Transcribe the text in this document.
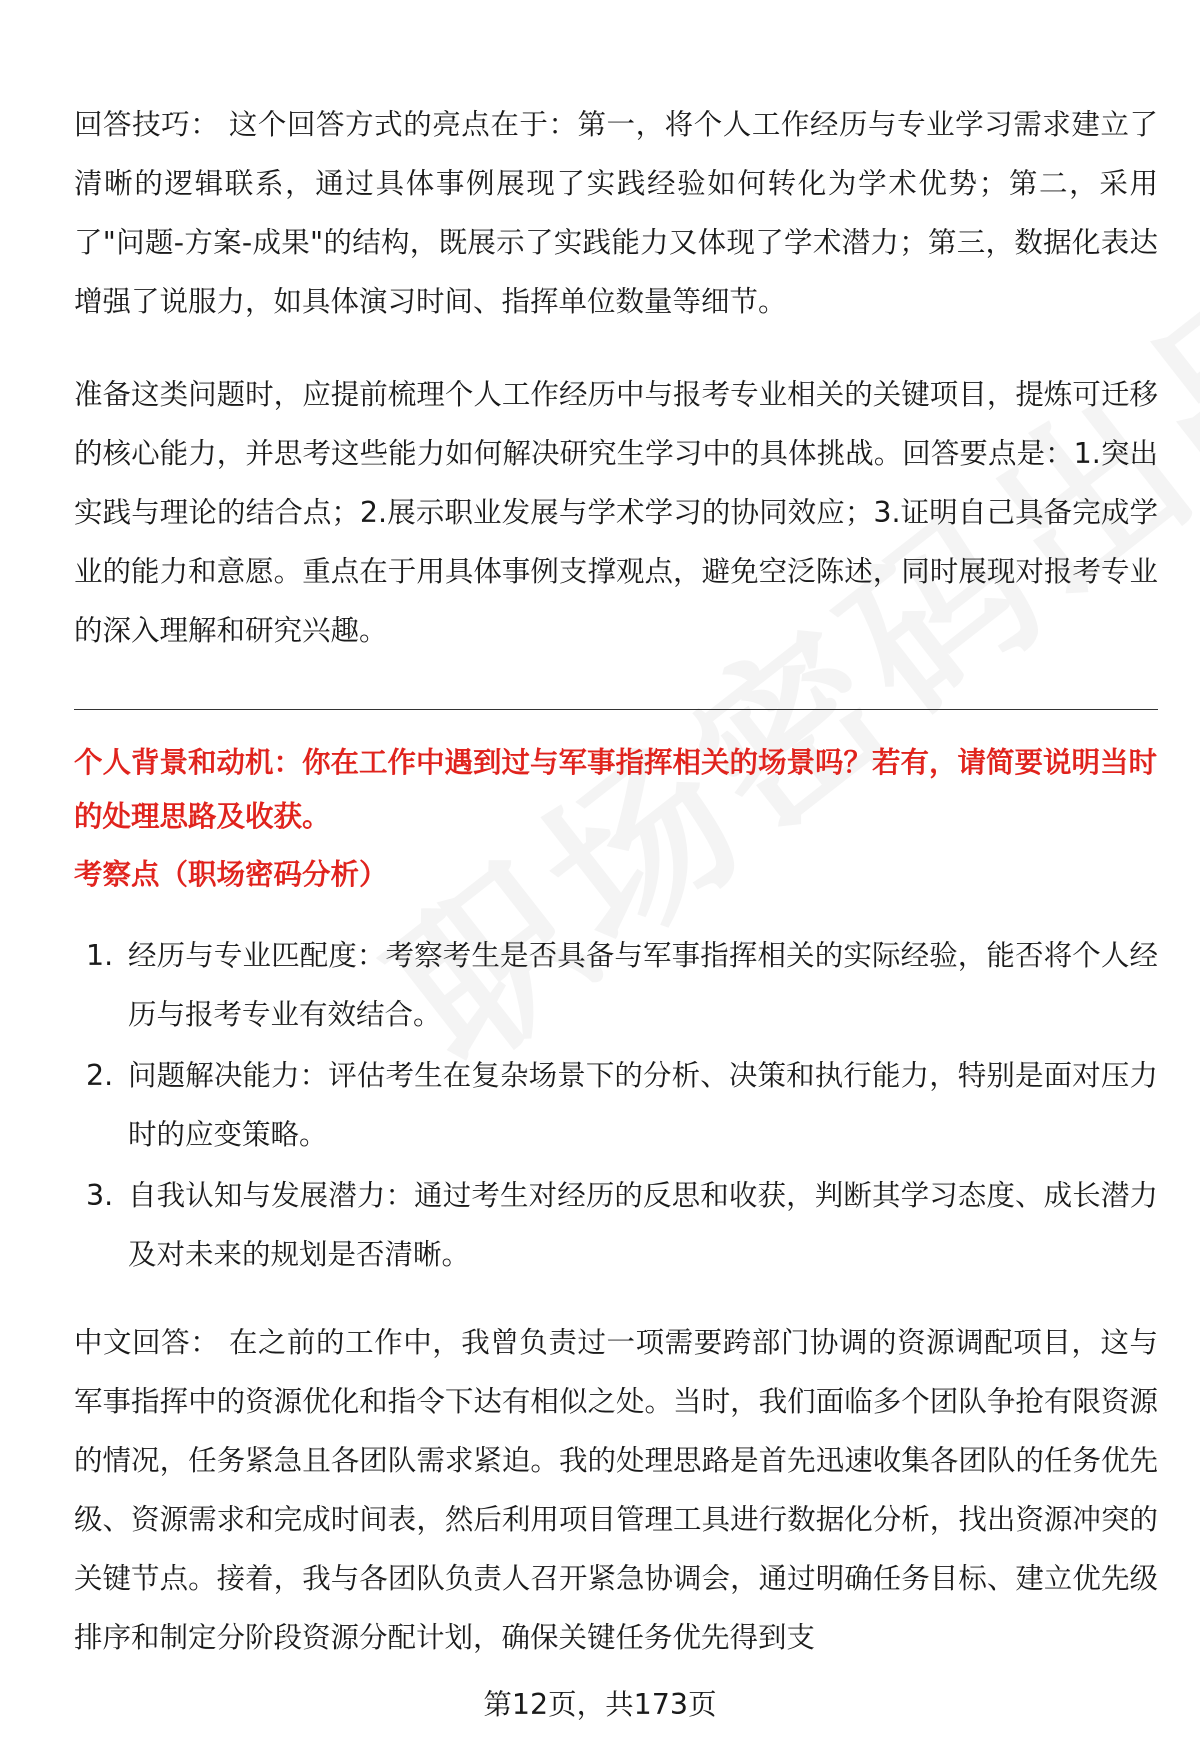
回答技巧： 这个回答方式的亮点在于：第一，将个人工作经历与专业学习需求建立了清晰的逻辑联系，通过具体事例展现了实践经验如何转化为学术优势；第二，采用了"问题-方案-成果"的结构，既展示了实践能力又体现了学术潜力；第三，数据化表达增强了说服力，如具体演习时间、指挥单位数量等细节。

准备这类问题时，应提前梳理个人工作经历中与报考专业相关的关键项目，提炼可迁移的核心能力，并思考这些能力如何解决研究生学习中的具体挑战。回答要点是：1.突出实践与理论的结合点；2.展示职业发展与学术学习的协同效应；3.证明自己具备完成学业的能力和意愿。重点在于用具体事例支撑观点，避免空泛陈述，同时展现对报考专业的深入理解和研究兴趣。

个人背景和动机：你在工作中遇到过与军事指挥相关的场景吗？若有，请简要说明当时的处理思路及收获。

考察点（职场密码分析）

1. 经历与专业匹配度：考察考生是否具备与军事指挥相关的实际经验，能否将个人经历与报考专业有效结合。
2. 问题解决能力：评估考生在复杂场景下的分析、决策和执行能力，特别是面对压力时的应变策略。
3. 自我认知与发展潜力：通过考生对经历的反思和收获，判断其学习态度、成长潜力及对未来的规划是否清晰。

中文回答： 在之前的工作中，我曾负责过一项需要跨部门协调的资源调配项目，这与军事指挥中的资源优化和指令下达有相似之处。当时，我们面临多个团队争抢有限资源的情况，任务紧急且各团队需求紧迫。我的处理思路是首先迅速收集各团队的任务优先级、资源需求和完成时间表，然后利用项目管理工具进行数据化分析，找出资源冲突的关键节点。接着，我与各团队负责人召开紧急协调会，通过明确任务目标、建立优先级排序和制定分阶段资源分配计划，确保关键任务优先得到支

第12页，共173页
